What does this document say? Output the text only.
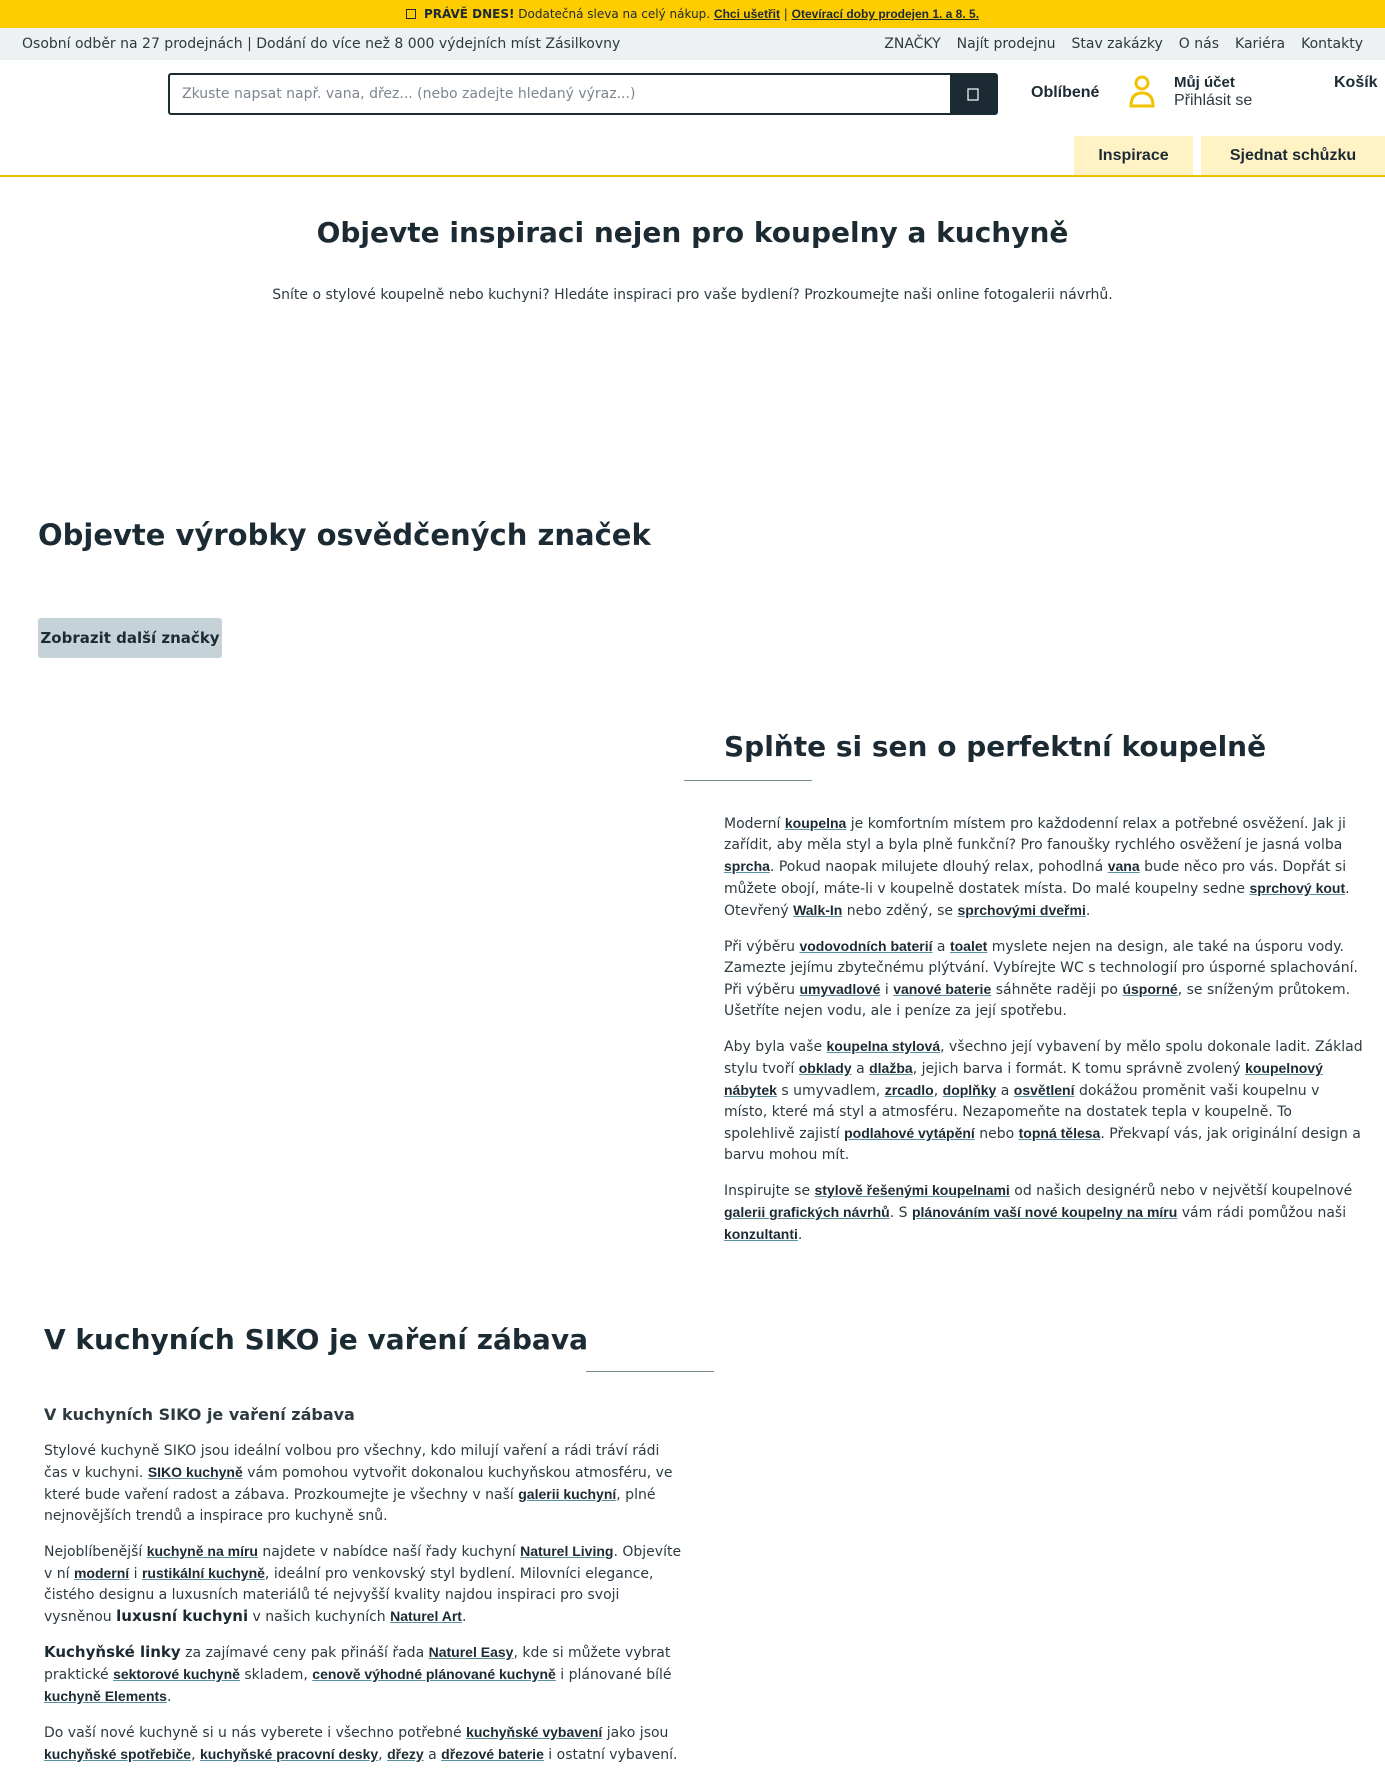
PRÁVĚ DNES! Dodatečná sleva na celý nákup. Chci ušetřit | Otevírací doby prodejen 1. a 8. 5.
Osobní odběr na 27 prodejnách | Dodání do více než 8 000 výdejních míst Zásilkovny	ZNAČKY Najít prodejnu Stav zakázky O nás Kariéra Kontakty
Zkuste napsat např. vana, dřez... (nebo zadejte hledaný výraz...)
Oblíbené
Můj účet
Přihlásit se
Košík
Inspirace	Sjednat schůzku
Objevte inspiraci nejen pro koupelny a kuchyně

Sníte o stylové koupelně nebo kuchyni? Hledáte inspiraci pro vaše bydlení? Prozkoumejte naši online fotogalerii návrhů.

Objevte výrobky osvědčených značek
Zobrazit další značky
Splňte si sen o perfektní koupelně

Moderní koupelna je komfortním místem pro každodenní relax a potřebné osvěžení. Jak ji zařídit, aby měla styl a byla plně funkční? Pro fanoušky rychlého osvěžení je jasná volba sprcha. Pokud naopak milujete dlouhý relax, pohodlná vana bude něco pro vás. Dopřát si můžete obojí, máte-li v koupelně dostatek místa. Do malé koupelny sedne sprchový kout. Otevřený Walk-In nebo zděný, se sprchovými dveřmi.

Při výběru vodovodních baterií a toalet myslete nejen na design, ale také na úsporu vody. Zamezte jejímu zbytečnému plýtvání. Vybírejte WC s technologií pro úsporné splachování. Při výběru umyvadlové i vanové baterie sáhněte raději po úsporné, se sníženým průtokem. Ušetříte nejen vodu, ale i peníze za její spotřebu.

Aby byla vaše koupelna stylová, všechno její vybavení by mělo spolu dokonale ladit. Základ stylu tvoří obklady a dlažba, jejich barva i formát. K tomu správně zvolený koupelnový nábytek s umyvadlem, zrcadlo, doplňky a osvětlení dokážou proměnit vaši koupelnu v místo, které má styl a atmosféru. Nezapomeňte na dostatek tepla v koupelně. To spolehlivě zajistí podlahové vytápění nebo topná tělesa. Překvapí vás, jak originální design a barvu mohou mít.

Inspirujte se stylově řešenými koupelnami od našich designérů nebo v největší koupelnové galerii grafických návrhů. S plánováním vaší nové koupelny na míru vám rádi pomůžou naši konzultanti.

V kuchyních SIKO je vaření zábava
V kuchyních SIKO je vaření zábava

Stylové kuchyně SIKO jsou ideální volbou pro všechny, kdo milují vaření a rádi tráví rádi čas v kuchyni. SIKO kuchyně vám pomohou vytvořit dokonalou kuchyňskou atmosféru, ve které bude vaření radost a zábava. Prozkoumejte je všechny v naší galerii kuchyní, plné nejnovějších trendů a inspirace pro kuchyně snů.

Nejoblíbenější kuchyně na míru najdete v nabídce naší řady kuchyní Naturel Living. Objevíte v ní moderní i rustikální kuchyně, ideální pro venkovský styl bydlení. Milovníci elegance, čistého designu a luxusních materiálů té nejvyšší kvality najdou inspiraci pro svoji vysněnou luxusní kuchyni v našich kuchyních Naturel Art.

Kuchyňské linky za zajímavé ceny pak přináší řada Naturel Easy, kde si můžete vybrat praktické sektorové kuchyně skladem, cenově výhodné plánované kuchyně i plánované bílé kuchyně Elements.

Do vaší nové kuchyně si u nás vyberete i všechno potřebné kuchyňské vybavení jako jsou kuchyňské spotřebiče, kuchyňské pracovní desky, dřezy a dřezové baterie i ostatní vybavení.
